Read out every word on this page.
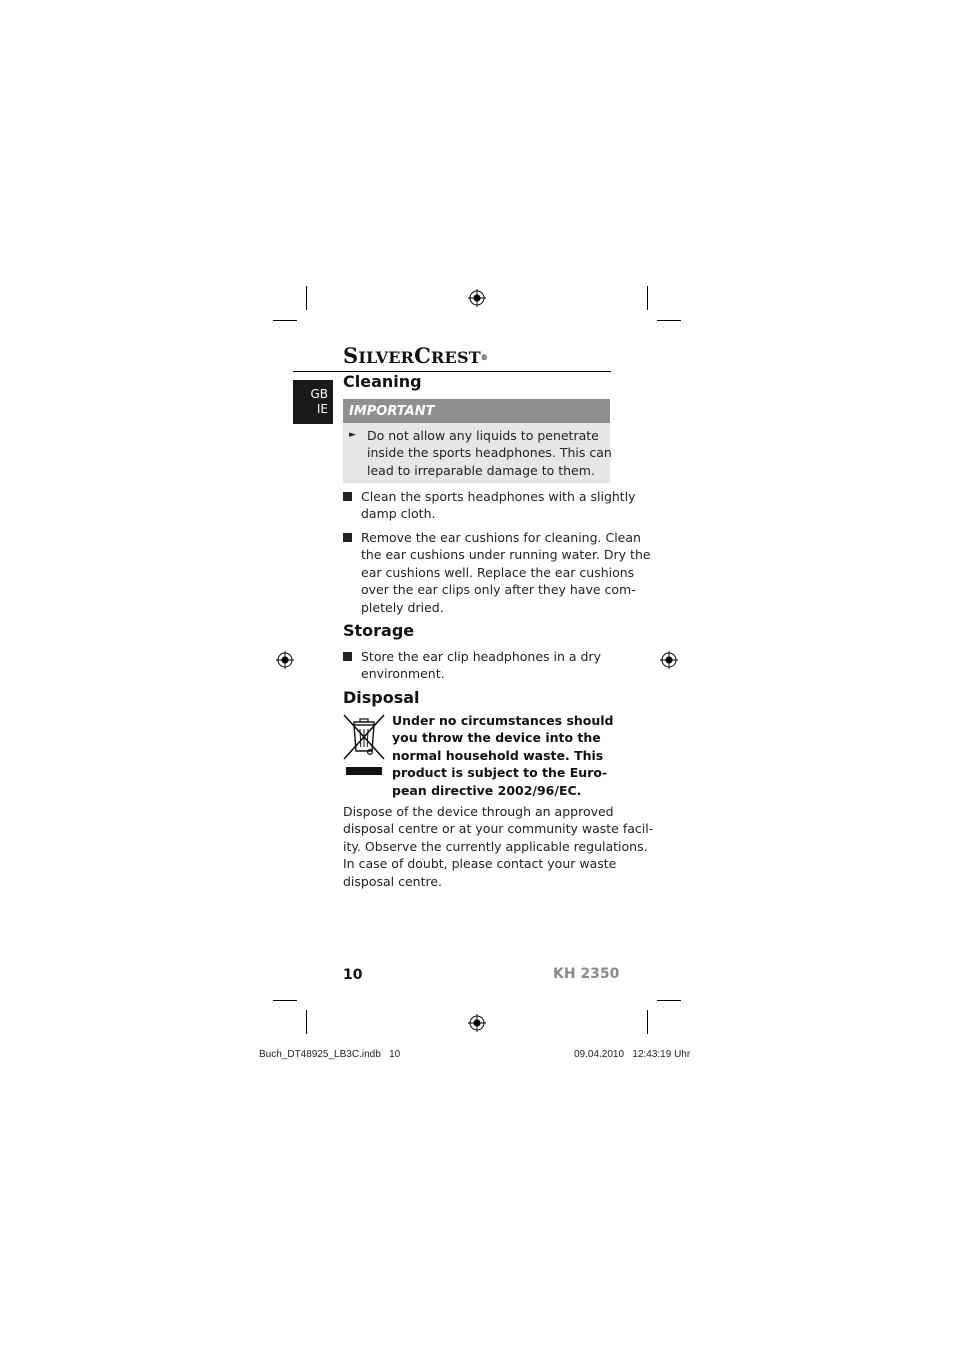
SILVERCREST®
GB
IE
Cleaning
IMPORTANT
► Do not allow any liquids to penetrate
inside the sports headphones. This can
lead to irreparable damage to them.
Clean the sports headphones with a slightly
damp cloth.
Remove the ear cushions for cleaning. Clean
the ear cushions under running water. Dry the
ear cushions well. Replace the ear cushions
over the ear clips only after they have com-
pletely dried.
Storage
Store the ear clip headphones in a dry
environment.
Disposal
Under no circumstances should
you throw the device into the
normal household waste. This
product is subject to the Euro-
pean directive 2002/96/EC.
Dispose of the device through an approved
disposal centre or at your community waste facil-
ity. Observe the currently applicable regulations.
In case of doubt, please contact your waste
disposal centre.
10	KH 2350
Buch_DT48925_LB3C.indb   10	09.04.2010   12:43:19 Uhr
